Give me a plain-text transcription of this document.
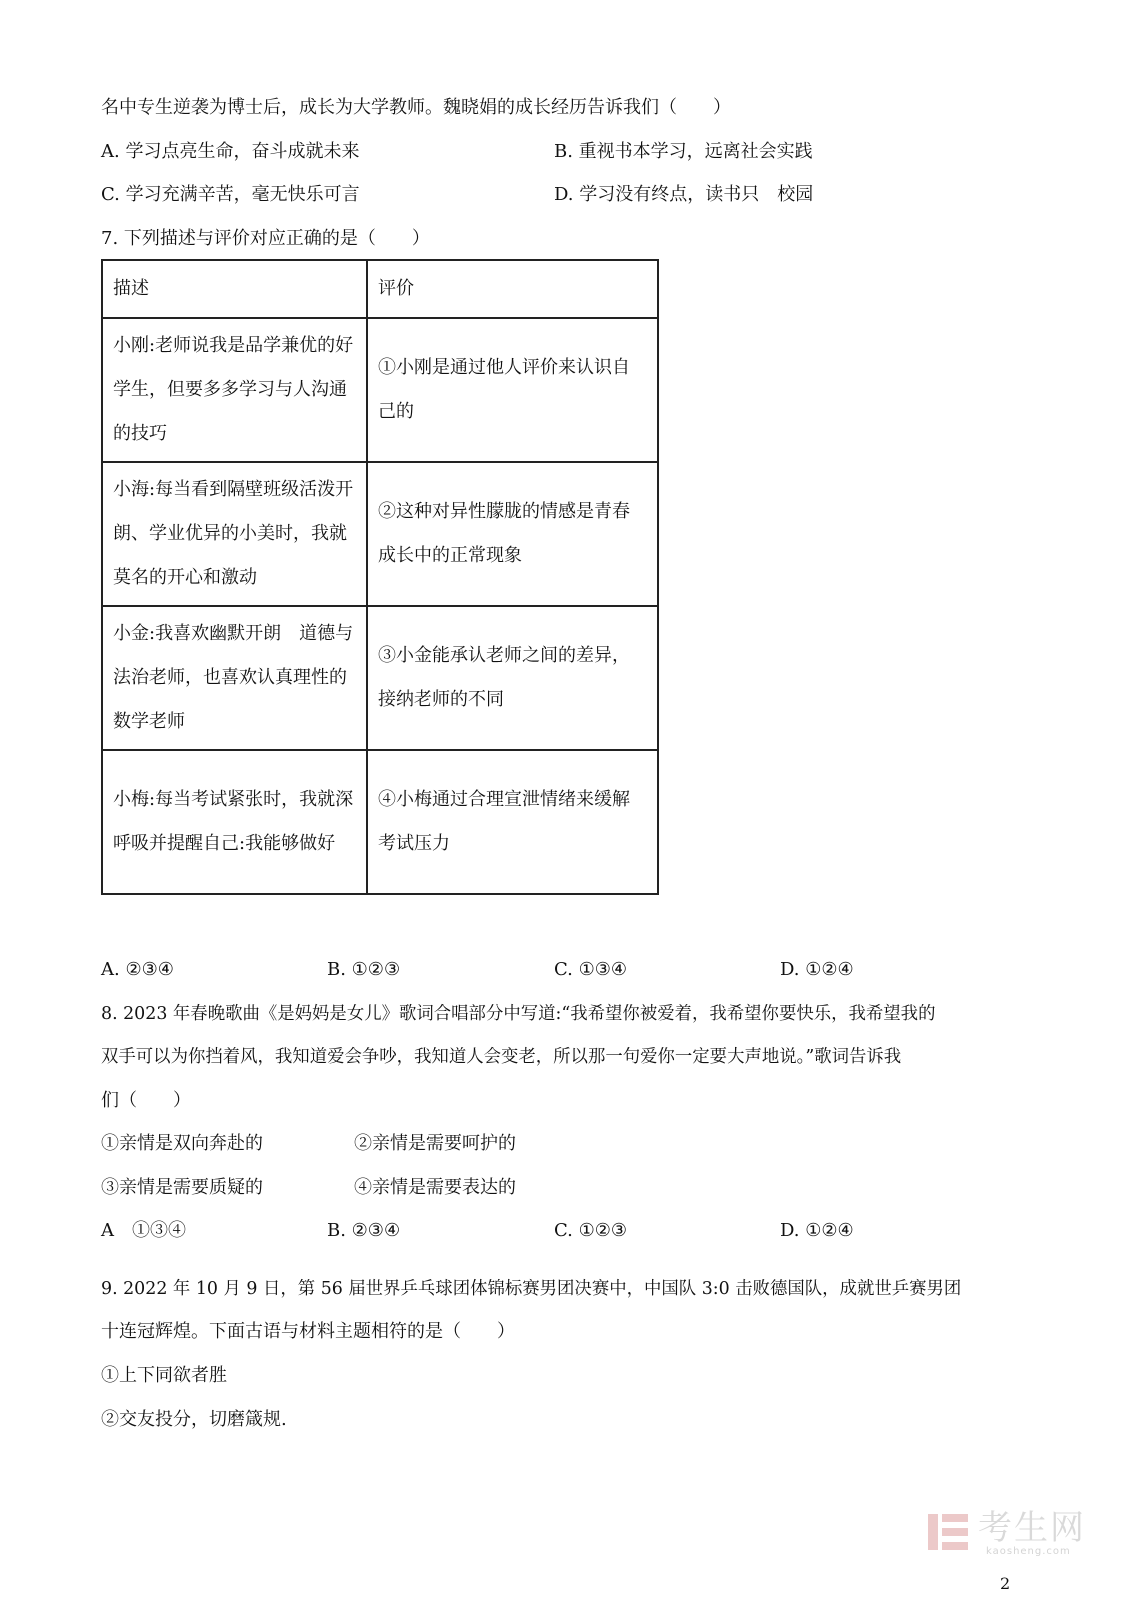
名中专生逆袭为博士后，成长为大学教师。魏晓娟的成长经历告诉我们（　　）
A. 学习点亮生命，奋斗成就未来	B. 重视书本学习，远离社会实践
C. 学习充满辛苦，毫无快乐可言	D. 学习没有终点，读书只　校园
7. 下列描述与评价对应正确的是（　　）
描述	评价
小刚:老师说我是品学兼优的好学生，但要多多学习与人沟通的技巧	①小刚是通过他人评价来认识自己的
小海:每当看到隔壁班级活泼开朗、学业优异的小美时，我就莫名的开心和激动	②这种对异性朦胧的情感是青春成长中的正常现象
小金:我喜欢幽默开朗　道德与法治老师，也喜欢认真理性的数学老师	③小金能承认老师之间的差异，接纳老师的不同
小梅:每当考试紧张时，我就深呼吸并提醒自己:我能够做好	④小梅通过合理宣泄情绪来缓解考试压力
A. ②③④	B. ①②③	C. ①③④	D. ①②④
8. 2023 年春晚歌曲《是妈妈是女儿》歌词合唱部分中写道:“我希望你被爱着，我希望你要快乐，我希望我的
双手可以为你挡着风，我知道爱会争吵，我知道人会变老，所以那一句爱你一定要大声地说。”歌词告诉我
们（　　）
①亲情是双向奔赴的	②亲情是需要呵护的
③亲情是需要质疑的	④亲情是需要表达的
A　①③④	B. ②③④	C. ①②③	D. ①②④
9. 2022 年 10 月 9 日，第 56 届世界乒乓球团体锦标赛男团决赛中，中国队 3:0 击败德国队，成就世乒赛男团
十连冠辉煌。下面古语与材料主题相符的是（　　）
①上下同欲者胜
②交友投分，切磨箴规.
考生网
kaosheng.com
2
